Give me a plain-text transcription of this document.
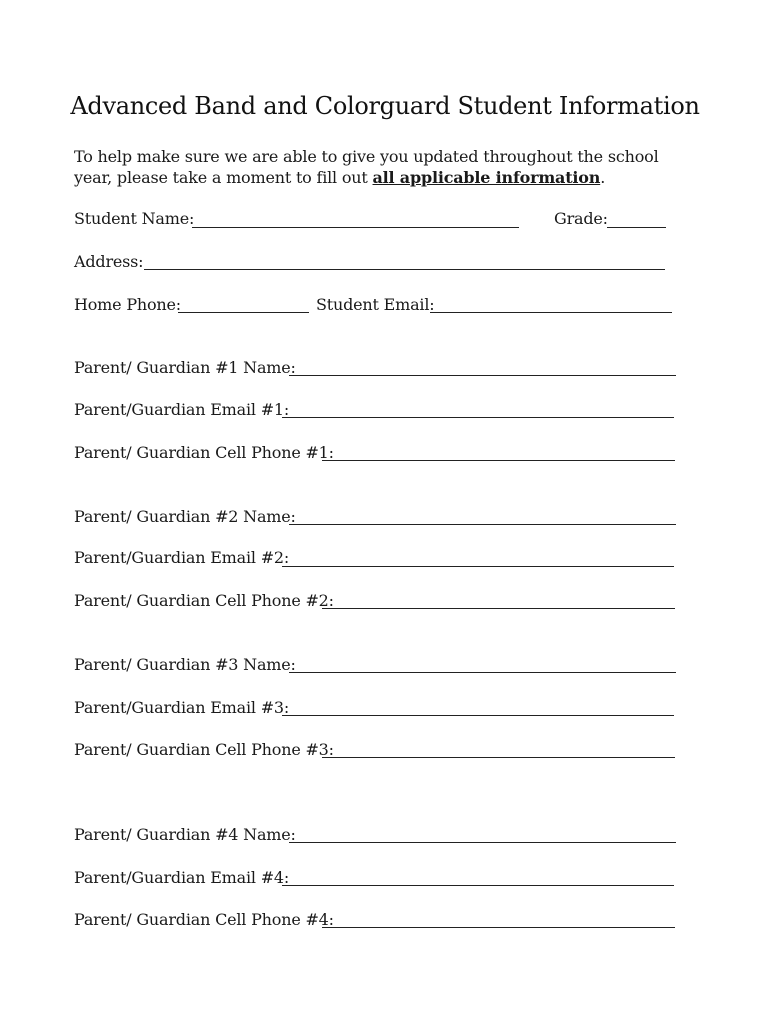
Advanced Band and Colorguard Student Information
To help make sure we are able to give you updated throughout the school year, please take a moment to fill out all applicable information.
Student Name:	Grade:
Address:
Home Phone:	Student Email:
Parent/ Guardian #1 Name:
Parent/Guardian Email #1:
Parent/ Guardian Cell Phone #1:
Parent/ Guardian #2 Name:
Parent/Guardian Email #2:
Parent/ Guardian Cell Phone #2:
Parent/ Guardian #3 Name:
Parent/Guardian Email #3:
Parent/ Guardian Cell Phone #3:
Parent/ Guardian #4 Name:
Parent/Guardian Email #4:
Parent/ Guardian Cell Phone #4:
